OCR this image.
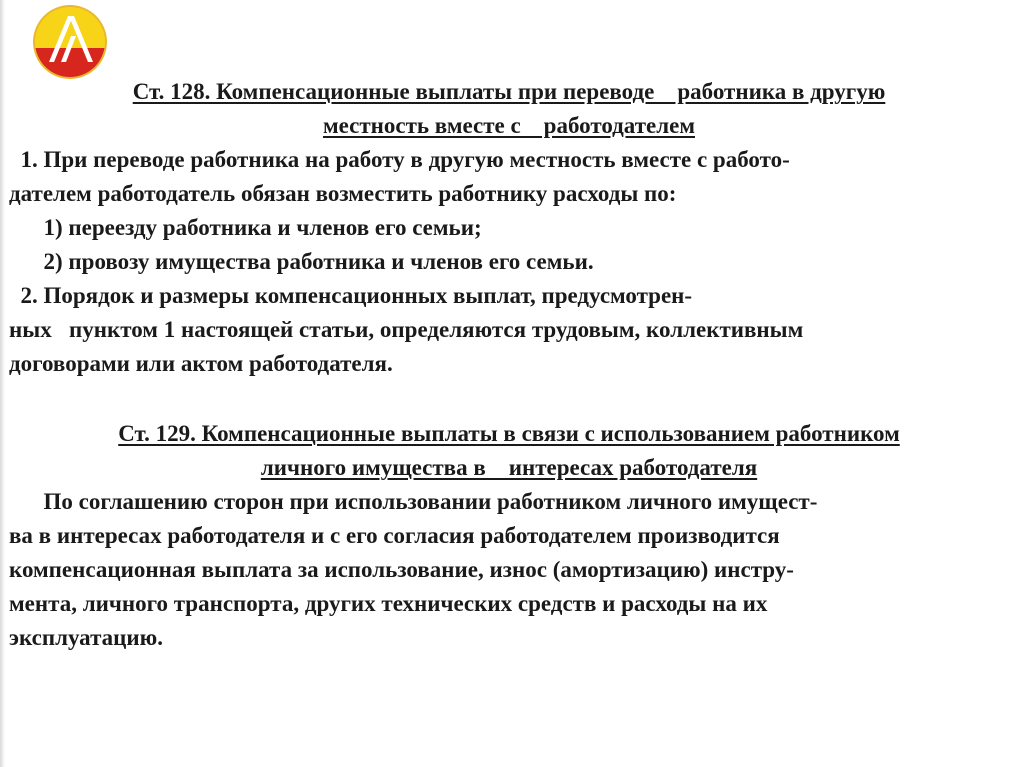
Ст. 128. Компенсационные выплаты при переводе    работника в другую
местность вместе с    работодателем
1. При переводе работника на работу в другую местность вместе с работо-
дателем работодатель обязан возместить работнику расходы по:
1) переезду работника и членов его семьи;
2) провозу имущества работника и членов его семьи.
2. Порядок и размеры компенсационных выплат, предусмотрен-
ных   пунктом 1 настоящей статьи, определяются трудовым, коллективным
договорами или актом работодателя.
Ст. 129. Компенсационные выплаты в связи с использованием работником
личного имущества в    интересах работодателя
По соглашению сторон при использовании работником личного имущест-
ва в интересах работодателя и с его согласия работодателем производится
компенсационная выплата за использование, износ (амортизацию) инстру-
мента, личного транспорта, других технических средств и расходы на их
эксплуатацию.
